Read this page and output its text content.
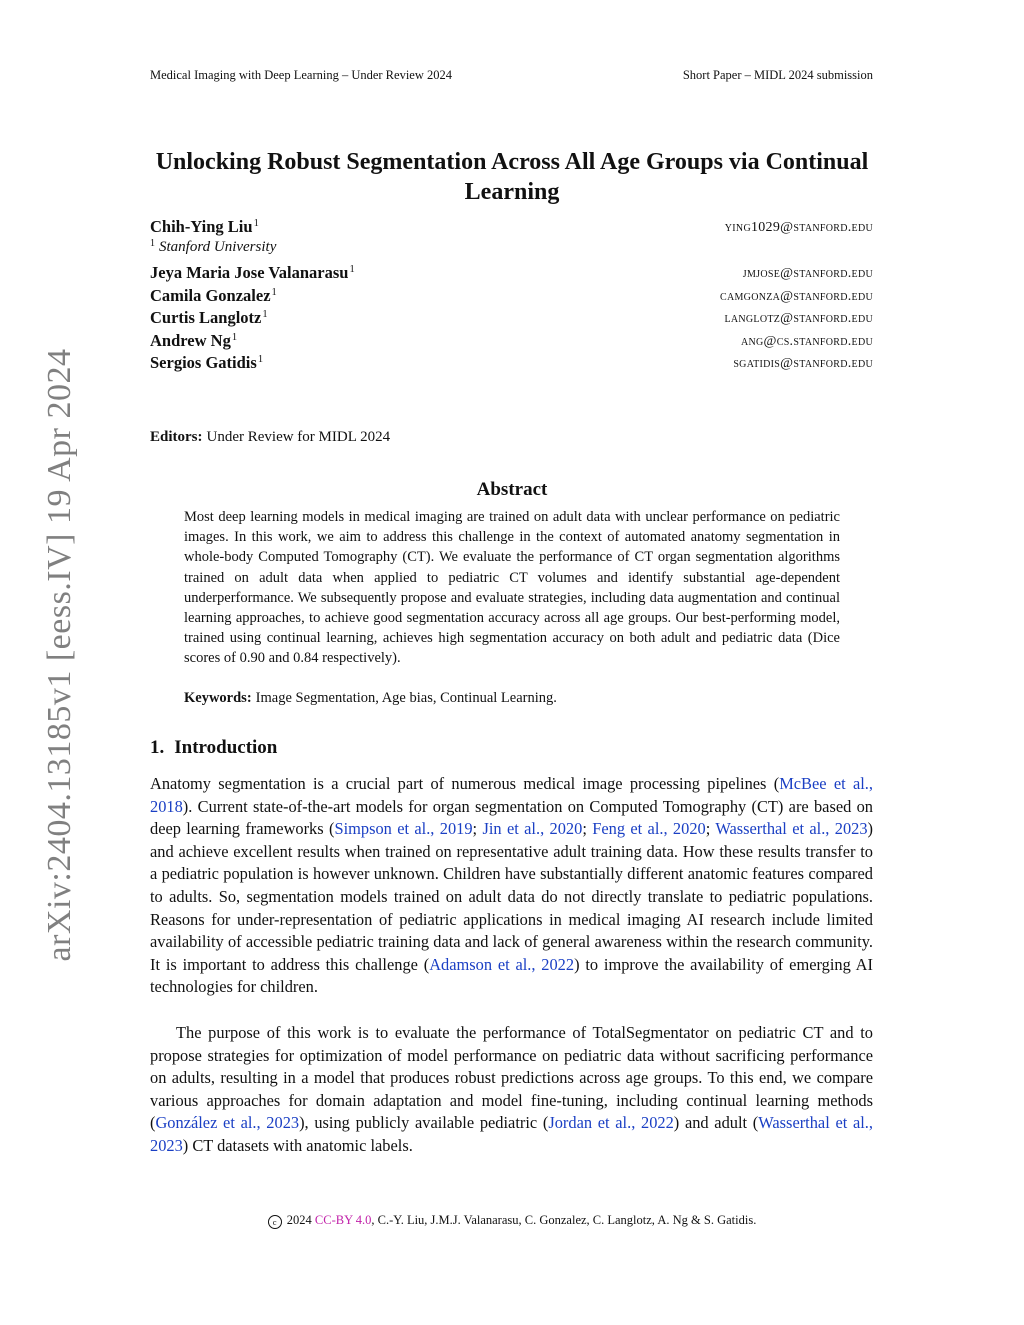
Medical Imaging with Deep Learning – Under Review 2024	Short Paper – MIDL 2024 submission
Unlocking Robust Segmentation Across All Age Groups via Continual Learning
Chih-Ying Liu$^1$	ying1029@stanford.edu
$^1$ Stanford University
Jeya Maria Jose Valanarasu$^1$	jmjose@stanford.edu
Camila Gonzalez$^1$	camgonza@stanford.edu
Curtis Langlotz$^1$	langlotz@stanford.edu
Andrew Ng$^1$	ang@cs.stanford.edu
Sergios Gatidis$^1$	sgatidis@stanford.edu
Editors: Under Review for MIDL 2024
Abstract

Most deep learning models in medical imaging are trained on adult data with unclear performance on pediatric images. In this work, we aim to address this challenge in the context of automated anatomy segmentation in whole-body Computed Tomography (CT). We evaluate the performance of CT organ segmentation algorithms trained on adult data when applied to pediatric CT volumes and identify substantial age-dependent underperformance. We subsequently propose and evaluate strategies, including data augmentation and continual learning approaches, to achieve good segmentation accuracy across all age groups. Our best-performing model, trained using continual learning, achieves high segmentation accuracy on both adult and pediatric data (Dice scores of 0.90 and 0.84 respectively).

Keywords: Image Segmentation, Age bias, Continual Learning.
1. Introduction

Anatomy segmentation is a crucial part of numerous medical image processing pipelines (McBee et al., 2018). Current state-of-the-art models for organ segmentation on Computed Tomography (CT) are based on deep learning frameworks (Simpson et al., 2019; Jin et al., 2020; Feng et al., 2020; Wasserthal et al., 2023) and achieve excellent results when trained on representative adult training data. How these results transfer to a pediatric population is however unknown. Children have substantially different anatomic features compared to adults. So, segmentation models trained on adult data do not directly translate to pediatric populations. Reasons for under-representation of pediatric applications in medical imaging AI research include limited availability of accessible pediatric training data and lack of general awareness within the research community. It is important to address this challenge (Adamson et al., 2022) to improve the availability of emerging AI technologies for children.

The purpose of this work is to evaluate the performance of TotalSegmentator on pediatric CT and to propose strategies for optimization of model performance on pediatric data without sacrificing performance on adults, resulting in a model that produces robust predictions across age groups. To this end, we compare various approaches for domain adaptation and model fine-tuning, including continual learning methods (González et al., 2023), using publicly available pediatric (Jordan et al., 2022) and adult (Wasserthal et al., 2023) CT datasets with anatomic labels.

c 2024 CC-BY 4.0, C.-Y. Liu, J.M.J. Valanarasu, C. Gonzalez, C. Langlotz, A. Ng & S. Gatidis.
arXiv:2404.13185v1 [eess.IV] 19 Apr 2024
